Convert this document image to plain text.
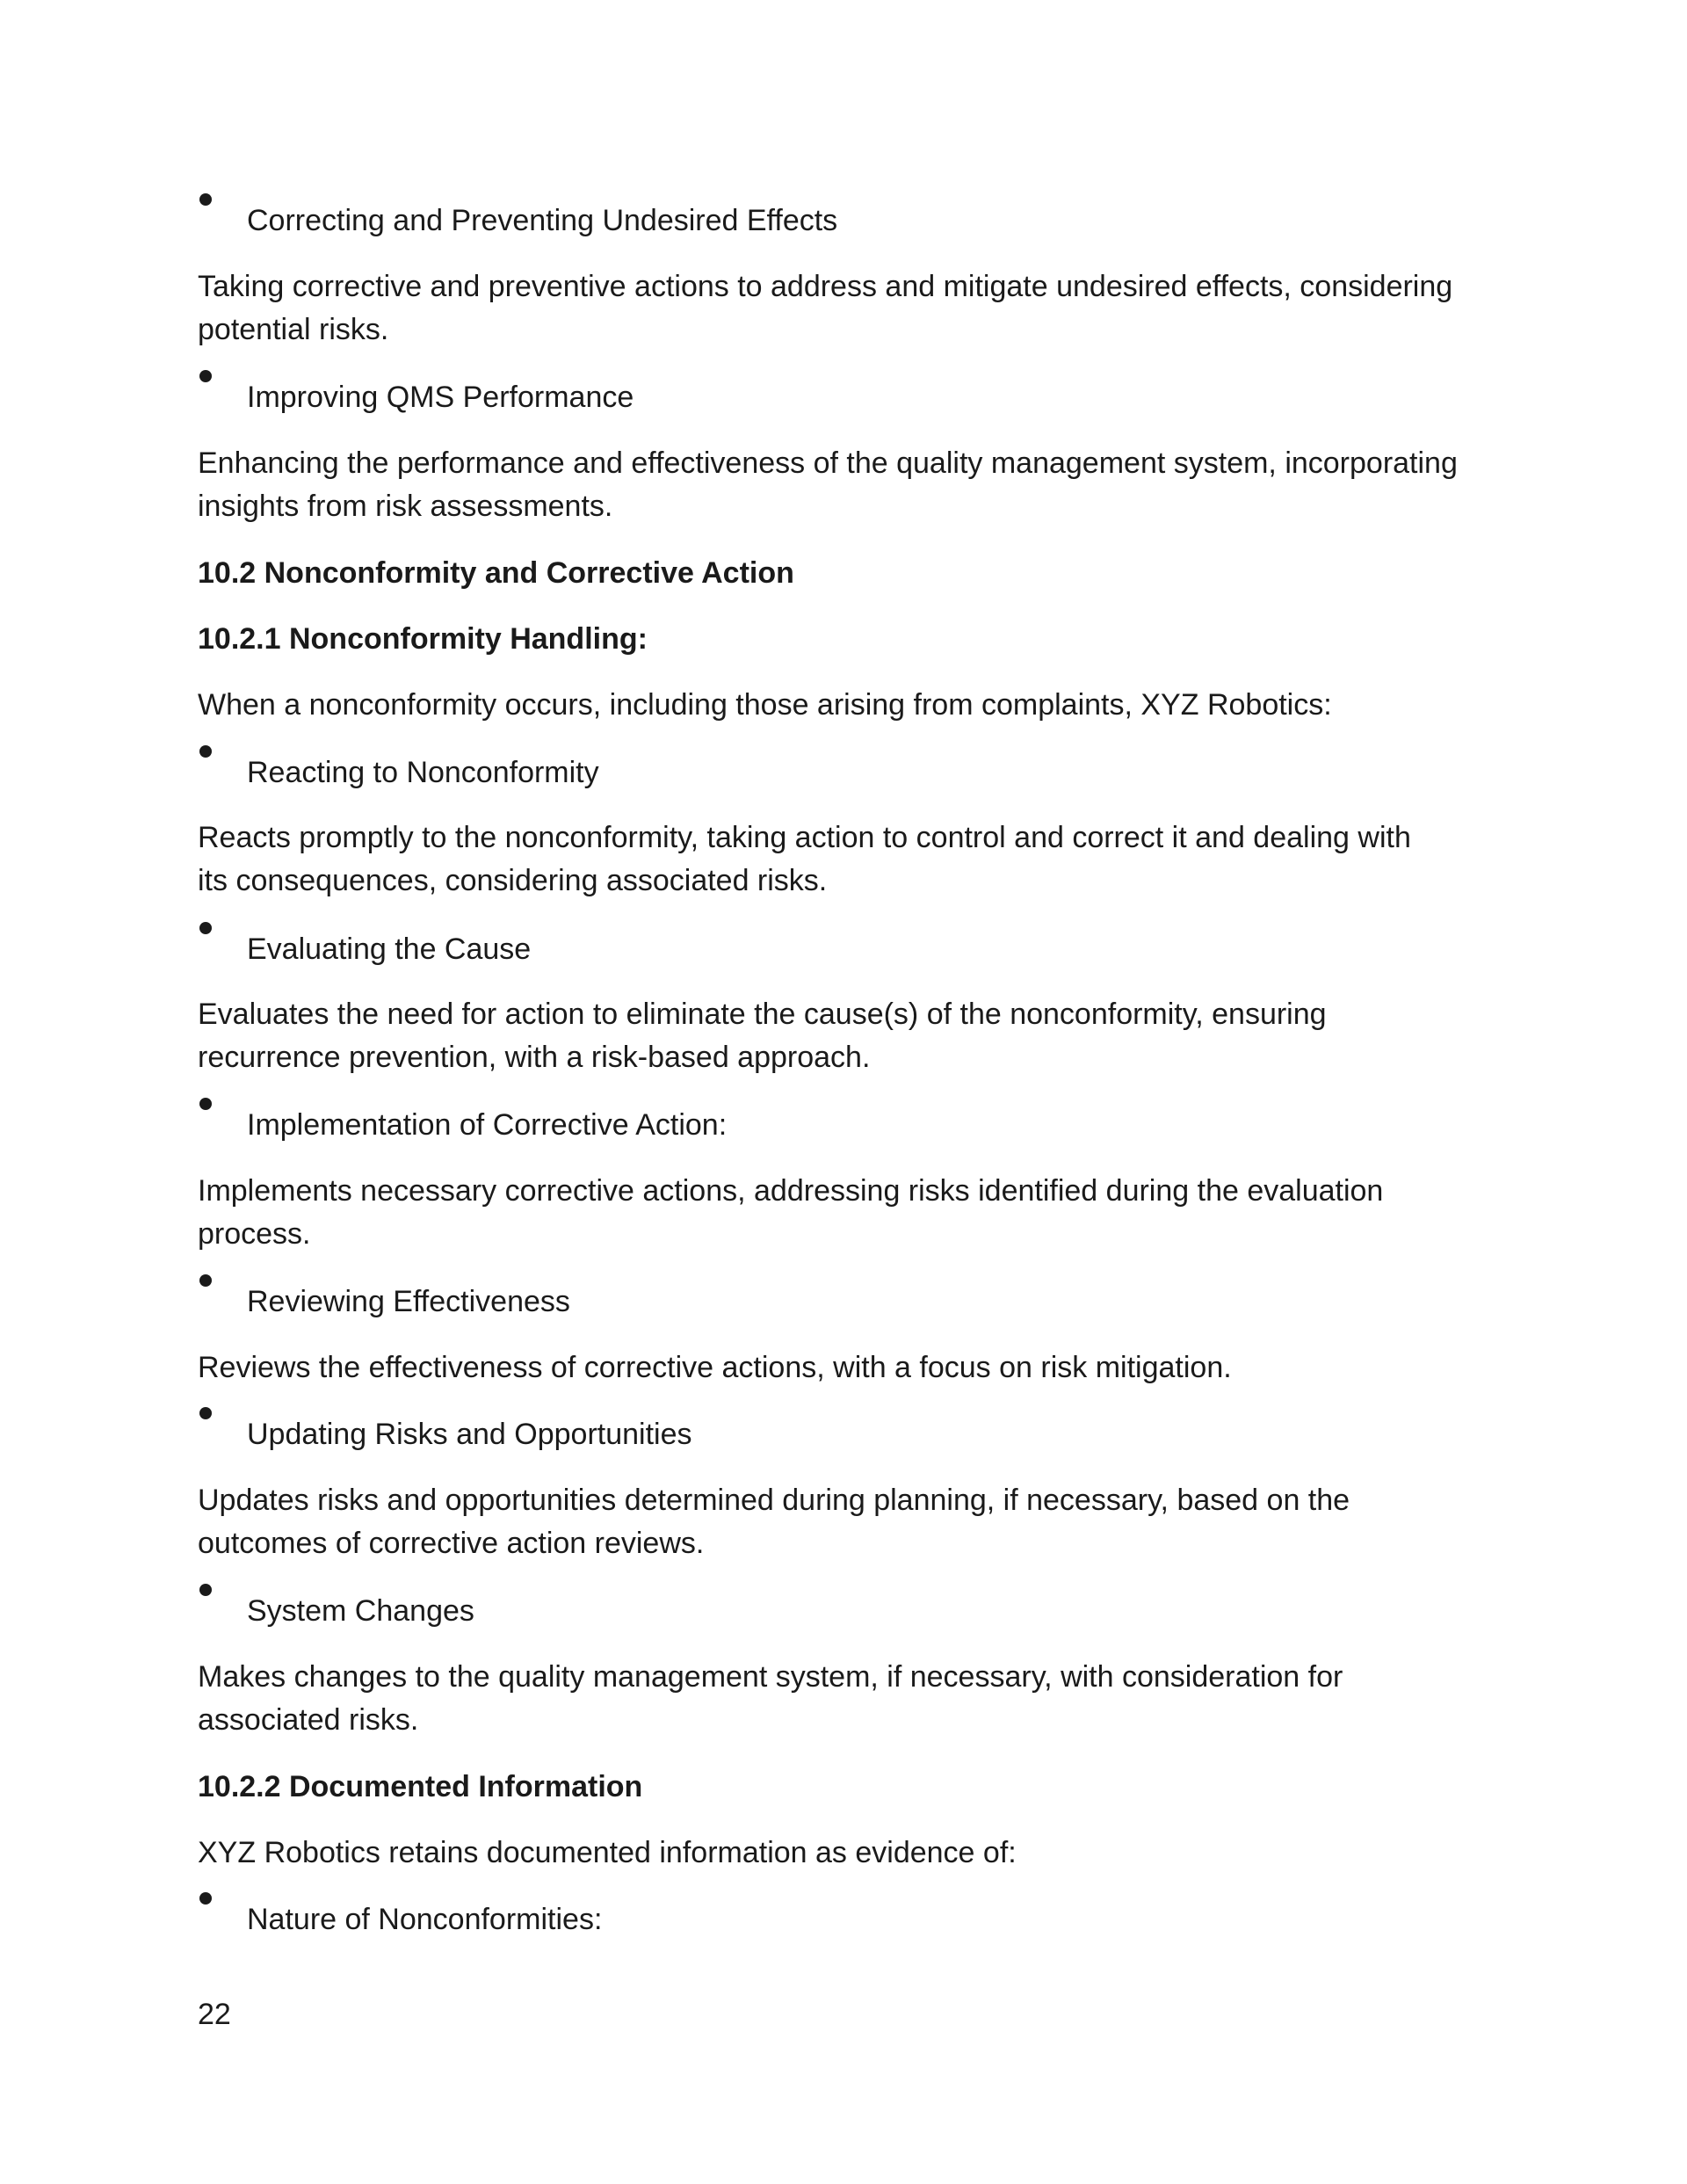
Correcting and Preventing Undesired Effects
Taking corrective and preventive actions to address and mitigate undesired effects, considering
potential risks.
Improving QMS Performance
Enhancing the performance and effectiveness of the quality management system, incorporating
insights from risk assessments.
10.2 Nonconformity and Corrective Action
10.2.1 Nonconformity Handling:
When a nonconformity occurs, including those arising from complaints, XYZ Robotics:
Reacting to Nonconformity
Reacts promptly to the nonconformity, taking action to control and correct it and dealing with
its consequences, considering associated risks.
Evaluating the Cause
Evaluates the need for action to eliminate the cause(s) of the nonconformity, ensuring
recurrence prevention, with a risk-based approach.
Implementation of Corrective Action:
Implements necessary corrective actions, addressing risks identified during the evaluation
process.
Reviewing Effectiveness
Reviews the effectiveness of corrective actions, with a focus on risk mitigation.
Updating Risks and Opportunities
Updates risks and opportunities determined during planning, if necessary, based on the
outcomes of corrective action reviews.
System Changes
Makes changes to the quality management system, if necessary, with consideration for
associated risks.
10.2.2 Documented Information
XYZ Robotics retains documented information as evidence of:
Nature of Nonconformities:
22
